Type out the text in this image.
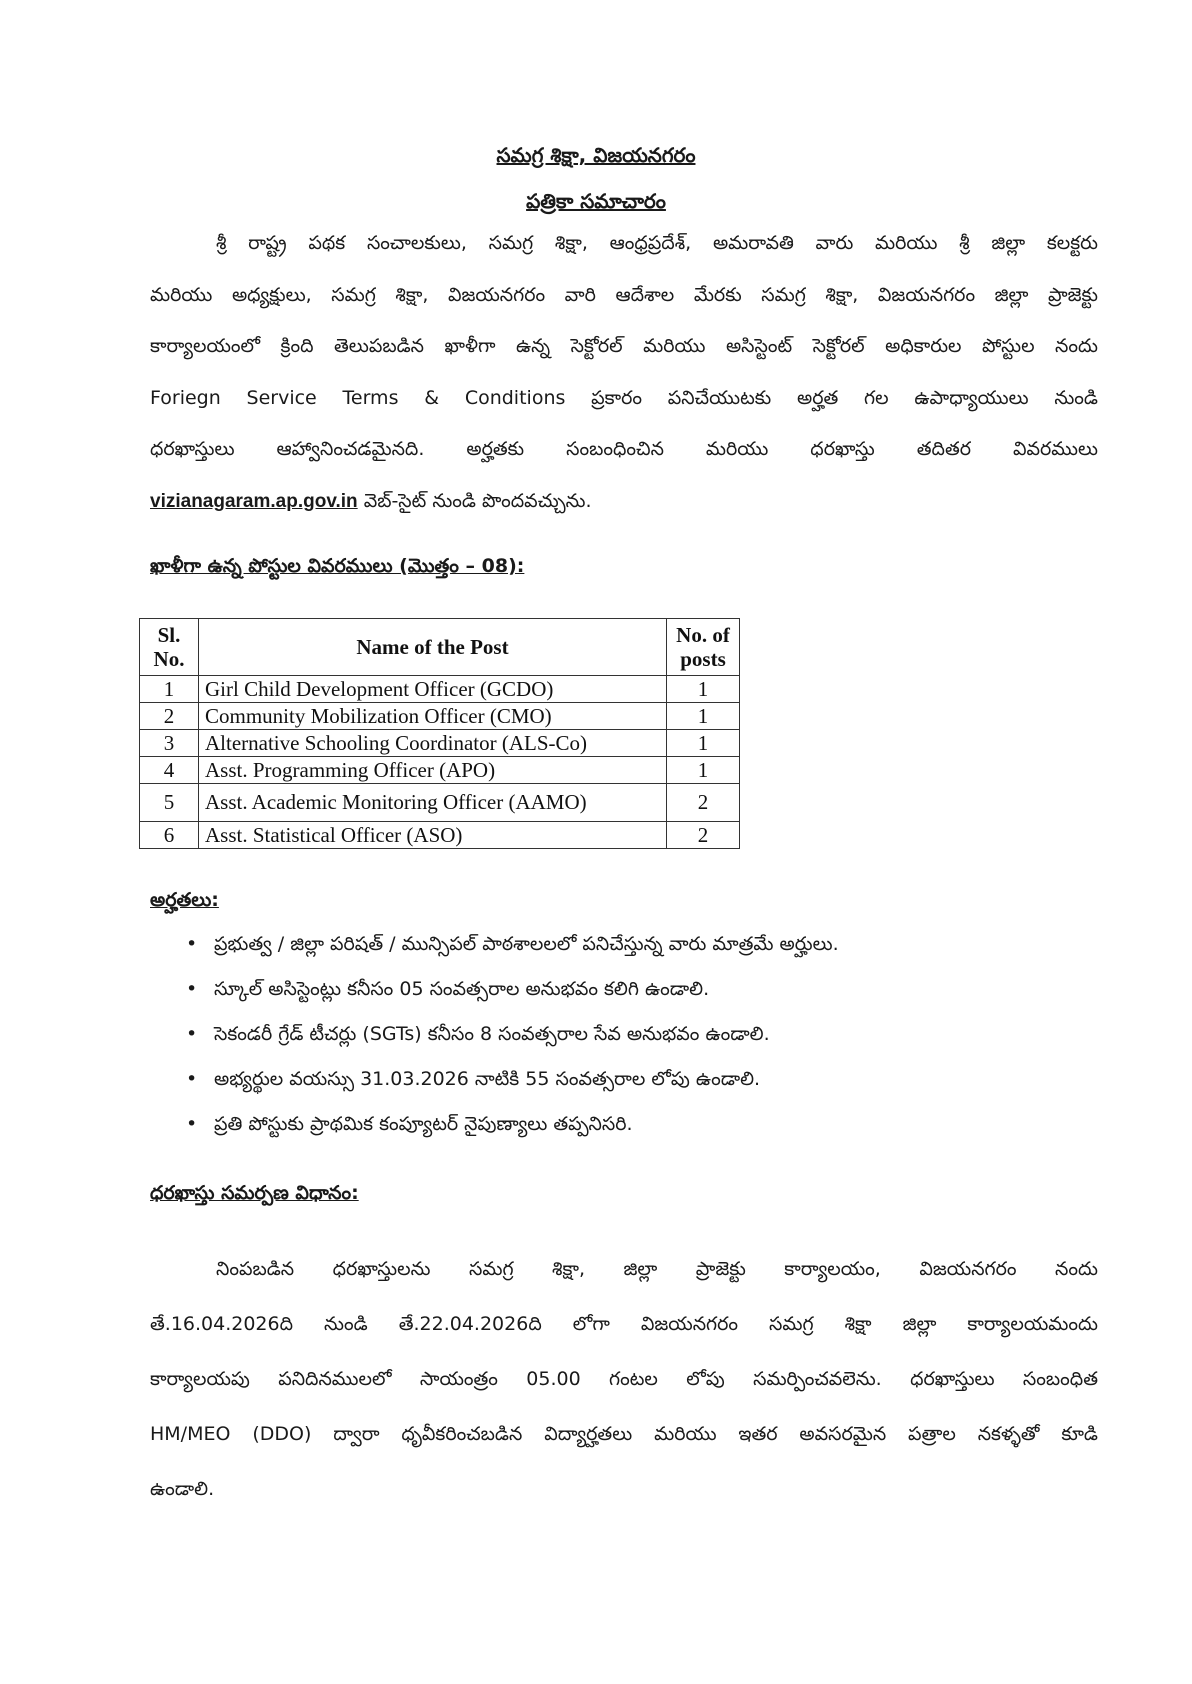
సమగ్ర శిక్షా, విజయనగరం
పత్రికా సమాచారం
శ్రీ రాష్ట్ర పథక సంచాలకులు, సమగ్ర శిక్షా, ఆంధ్రప్రదేశ్, అమరావతి వారు మరియు శ్రీ జిల్లా కలక్టరు
మరియు అధ్యక్షులు, సమగ్ర శిక్షా, విజయనగరం వారి ఆదేశాల మేరకు సమగ్ర శిక్షా, విజయనగరం జిల్లా ప్రాజెక్టు
కార్యాలయంలో క్రింది తెలుపబడిన ఖాళీగా ఉన్న సెక్టోరల్ మరియు అసిస్టెంట్ సెక్టోరల్ అధికారుల పోస్టుల నందు
Foriegn Service Terms & Conditions ప్రకారం పనిచేయుటకు అర్హత గల ఉపాధ్యాయులు నుండి
ధరఖాస్తులు ఆహ్వానించడమైనది. అర్హతకు సంబంధించిన మరియు ధరఖాస్తు తదితర వివరములు
vizianagaram.ap.gov.in వెబ్-సైట్ నుండి పొందవచ్చును.
ఖాళీగా ఉన్న పోస్టుల వివరములు (మొత్తం – 08):
Sl. No.	Name of the Post	No. of posts
1	Girl Child Development Officer (GCDO)	1
2	Community Mobilization Officer (CMO)	1
3	Alternative Schooling Coordinator (ALS-Co)	1
4	Asst. Programming Officer (APO)	1
5	Asst. Academic Monitoring Officer (AAMO)	2
6	Asst. Statistical Officer (ASO)	2
అర్హతలు:
• ప్రభుత్వ / జిల్లా పరిషత్ / మున్సిపల్ పాఠశాలలలో పనిచేస్తున్న వారు మాత్రమే అర్హులు.
• స్కూల్ అసిస్టెంట్లు కనీసం 05 సంవత్సరాల అనుభవం కలిగి ఉండాలి.
• సెకండరీ గ్రేడ్ టీచర్లు (SGTs) కనీసం 8 సంవత్సరాల సేవ అనుభవం ఉండాలి.
• అభ్యర్థుల వయస్సు 31.03.2026 నాటికి 55 సంవత్సరాల లోపు ఉండాలి.
• ప్రతి పోస్టుకు ప్రాథమిక కంప్యూటర్ నైపుణ్యాలు తప్పనిసరి.
ధరఖాస్తు సమర్పణ విధానం:
నింపబడిన ధరఖాస్తులను సమగ్ర శిక్షా, జిల్లా ప్రాజెక్టు కార్యాలయం, విజయనగరం నందు
తే.16.04.2026ది నుండి తే.22.04.2026ది లోగా విజయనగరం సమగ్ర శిక్షా జిల్లా కార్యాలయమందు
కార్యాలయపు పనిదినములలో సాయంత్రం 05.00 గంటల లోపు సమర్పించవలెను. ధరఖాస్తులు సంబంధిత
HM/MEO (DDO) ద్వారా ధృవీకరించబడిన విద్యార్హతలు మరియు ఇతర అవసరమైన పత్రాల నకళ్ళతో కూడి
ఉండాలి.
